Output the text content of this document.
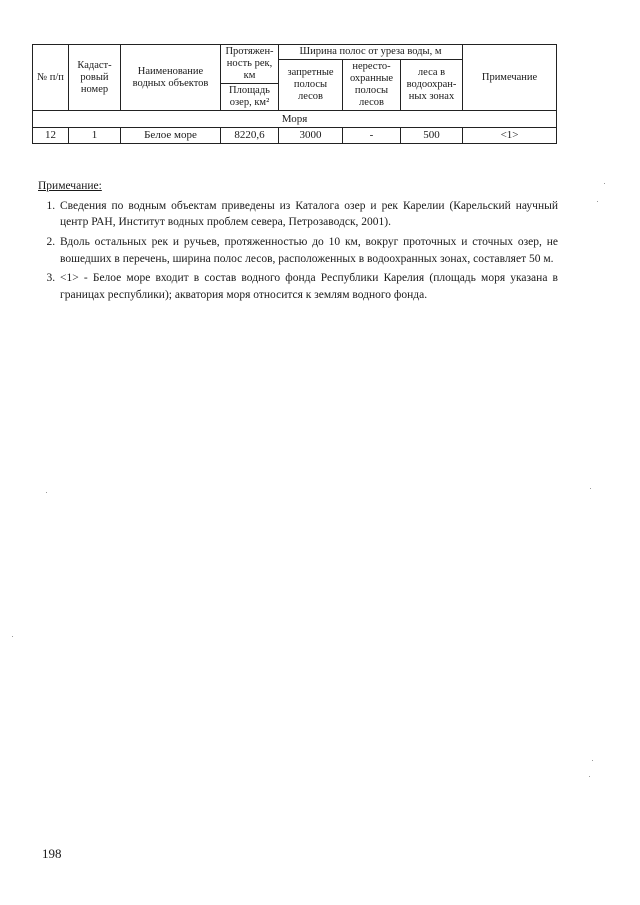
№ п/п	Кадаст-ровый номер	Наименование водных объектов	Протяжен-ность рек, км	Ширина полос от уреза воды, м			Примечание
				запретные полосы лесов	нересто-охранные полосы лесов	леса в водоохран-ных зонах	
			Площадь озер, км²				
Моря							
12	1	Белое море	8220,6	3000	-	500	<1>
Примечание:
1. Сведения по водным объектам приведены из Каталога озер и рек Карелии (Карельский научный центр РАН, Институт водных проблем севера, Петрозаводск, 2001).
2. Вдоль остальных рек и ручьев, протяженностью до 10 км, вокруг проточных и сточных озер, не вошедших в перечень, ширина полос лесов, расположенных в водоохранных зонах, составляет 50 м.
3. <1> - Белое море входит в состав водного фонда Республики Карелия (площадь моря указана в границах республики); акватория моря относится к землям водного фонда.
198
